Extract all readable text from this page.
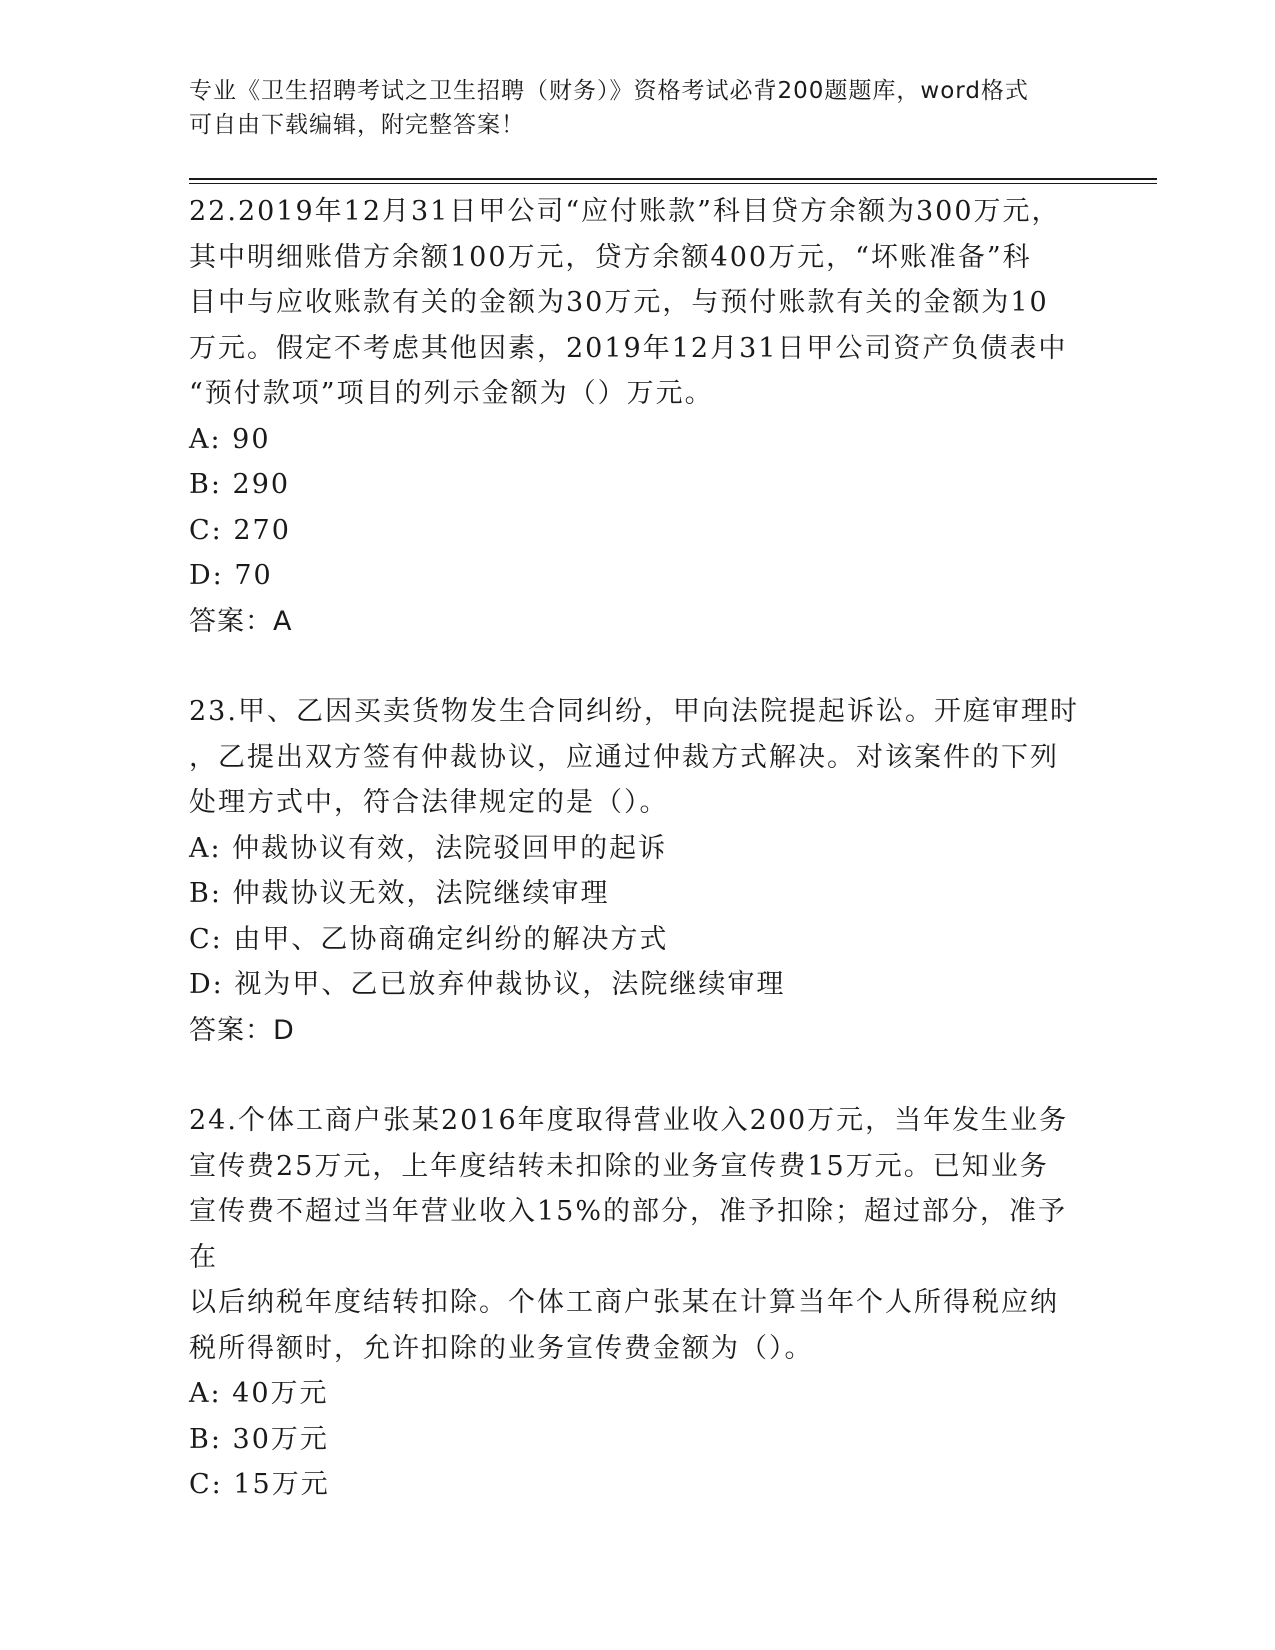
专业《卫生招聘考试之卫生招聘（财务）》资格考试必背200题题库，word格式
可自由下载编辑，附完整答案！
22.2019年12月31日甲公司“应付账款”科目贷方余额为300万元，
其中明细账借方余额100万元，贷方余额400万元，“坏账准备”科
目中与应收账款有关的金额为30万元，与预付账款有关的金额为10
万元。假定不考虑其他因素，2019年12月31日甲公司资产负债表中
“预付款项”项目的列示金额为（）万元。
A: 90
B: 290
C: 270
D: 70
答案：A
23.甲、乙因买卖货物发生合同纠纷，甲向法院提起诉讼。开庭审理时
，乙提出双方签有仲裁协议，应通过仲裁方式解决。对该案件的下列
处理方式中，符合法律规定的是（）。
A: 仲裁协议有效，法院驳回甲的起诉
B: 仲裁协议无效，法院继续审理
C: 由甲、乙协商确定纠纷的解决方式
D: 视为甲、乙已放弃仲裁协议，法院继续审理
答案：D
24.个体工商户张某2016年度取得营业收入200万元，当年发生业务
宣传费25万元，上年度结转未扣除的业务宣传费15万元。已知业务
宣传费不超过当年营业收入15%的部分，准予扣除；超过部分，准予在
以后纳税年度结转扣除。个体工商户张某在计算当年个人所得税应纳
税所得额时，允许扣除的业务宣传费金额为（）。
A: 40万元
B: 30万元
C: 15万元
